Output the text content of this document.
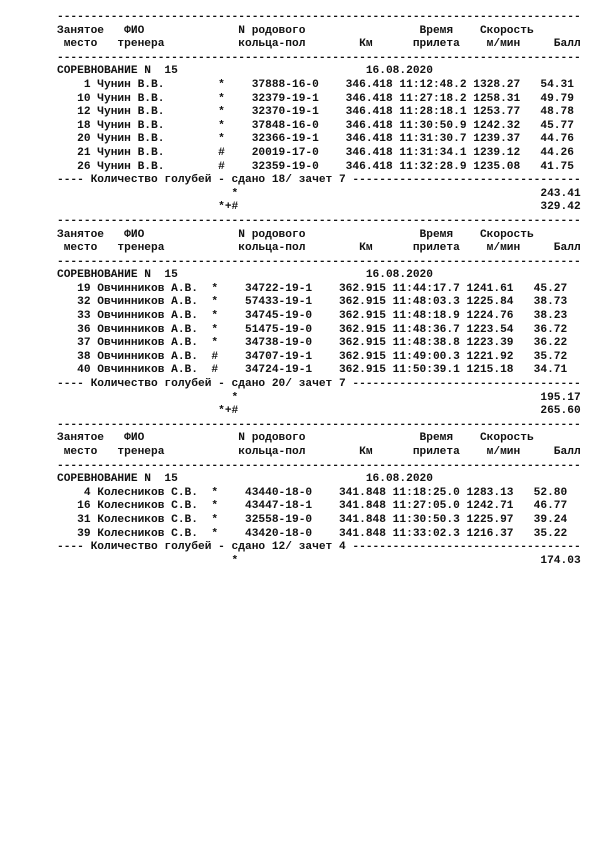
------------------------------------------------------------------------------
Занятое   ФИО              N родового                 Время    Скорость
место   тренера           кольца-пол        Км      прилета    м/мин     Балл
------------------------------------------------------------------------------
СОРЕВНОВАНИЕ N  15                            16.08.2020
1 Чунин В.В.        *    37888-16-0    346.418 11:12:48.2 1328.27   54.31
10 Чунин В.В.        *    32379-19-1    346.418 11:27:18.2 1258.31   49.79
12 Чунин В.В.        *    32370-19-1    346.418 11:28:18.1 1253.77   48.78
18 Чунин В.В.        *    37848-16-0    346.418 11:30:50.9 1242.32   45.77
20 Чунин В.В.        *    32366-19-1    346.418 11:31:30.7 1239.37   44.76
21 Чунин В.В.        #    20019-17-0    346.418 11:31:34.1 1239.12   44.26
26 Чунин В.В.        #    32359-19-0    346.418 11:32:28.9 1235.08   41.75
---- Количество голубей - сдано 18/ зачет 7 ----------------------------------
*                                             243.41
*+#                                             329.42
------------------------------------------------------------------------------
Занятое   ФИО              N родового                 Время    Скорость
место   тренера           кольца-пол        Км      прилета    м/мин     Балл
------------------------------------------------------------------------------
СОРЕВНОВАНИЕ N  15                            16.08.2020
19 Овчинников А.В.  *    34722-19-1    362.915 11:44:17.7 1241.61   45.27
32 Овчинников А.В.  *    57433-19-1    362.915 11:48:03.3 1225.84   38.73
33 Овчинников А.В.  *    34745-19-0    362.915 11:48:18.9 1224.76   38.23
36 Овчинников А.В.  *    51475-19-0    362.915 11:48:36.7 1223.54   36.72
37 Овчинников А.В.  *    34738-19-0    362.915 11:48:38.8 1223.39   36.22
38 Овчинников А.В.  #    34707-19-1    362.915 11:49:00.3 1221.92   35.72
40 Овчинников А.В.  #    34724-19-1    362.915 11:50:39.1 1215.18   34.71
---- Количество голубей - сдано 20/ зачет 7 ----------------------------------
*                                             195.17
*+#                                             265.60
------------------------------------------------------------------------------
Занятое   ФИО              N родового                 Время    Скорость
место   тренера           кольца-пол        Км      прилета    м/мин     Балл
------------------------------------------------------------------------------
СОРЕВНОВАНИЕ N  15                            16.08.2020
4 Колесников С.В.  *    43440-18-0    341.848 11:18:25.0 1283.13   52.80
16 Колесников С.В.  *    43447-18-1    341.848 11:27:05.0 1242.71   46.77
31 Колесников С.В.  *    32558-19-0    341.848 11:30:50.3 1225.97   39.24
39 Колесников С.В.  *    43420-18-0    341.848 11:33:02.3 1216.37   35.22
---- Количество голубей - сдано 12/ зачет 4 ----------------------------------
*                                             174.03
